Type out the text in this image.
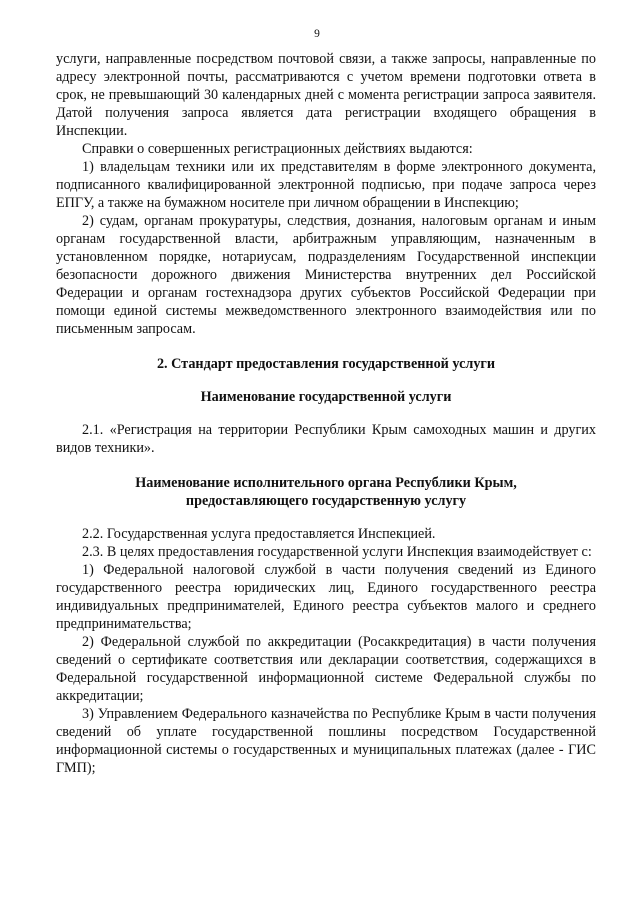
9

услуги, направленные посредством почтовой связи, а также запросы, направленные по адресу электронной почты, рассматриваются с учетом времени подготовки ответа в срок, не превышающий 30 календарных дней с момента регистрации запроса заявителя. Датой получения запроса является дата регистрации входящего обращения в Инспекции.

Справки о совершенных регистрационных действиях выдаются:

1) владельцам техники или их представителям в форме электронного документа, подписанного квалифицированной электронной подписью, при подаче запроса через ЕПГУ, а также на бумажном носителе при личном обращении в Инспекцию;

2) судам, органам прокуратуры, следствия, дознания, налоговым органам и иным органам государственной власти, арбитражным управляющим, назначенным в установленном порядке, нотариусам, подразделениям Государственной инспекции безопасности дорожного движения Министерства внутренних дел Российской Федерации и органам гостехнадзора других субъектов Российской Федерации при помощи единой системы межведомственного электронного взаимодействия или по письменным запросам.

2. Стандарт предоставления государственной услуги

Наименование государственной услуги

2.1. «Регистрация на территории Республики Крым самоходных машин и других видов техники».

Наименование исполнительного органа Республики Крым,

предоставляющего государственную услугу

2.2. Государственная услуга предоставляется Инспекцией.

2.3. В целях предоставления государственной услуги Инспекция взаимодействует с:

1) Федеральной налоговой службой в части получения сведений из Единого государственного реестра юридических лиц, Единого государственного реестра индивидуальных предпринимателей, Единого реестра субъектов малого и среднего предпринимательства;

2) Федеральной службой по аккредитации (Росаккредитация) в части получения сведений о сертификате соответствия или декларации соответствия, содержащихся в Федеральной государственной информационной системе Федеральной службы по аккредитации;

3) Управлением Федерального казначейства по Республике Крым в части получения сведений об уплате государственной пошлины посредством Государственной информационной системы о государственных и муниципальных платежах (далее - ГИС ГМП);
